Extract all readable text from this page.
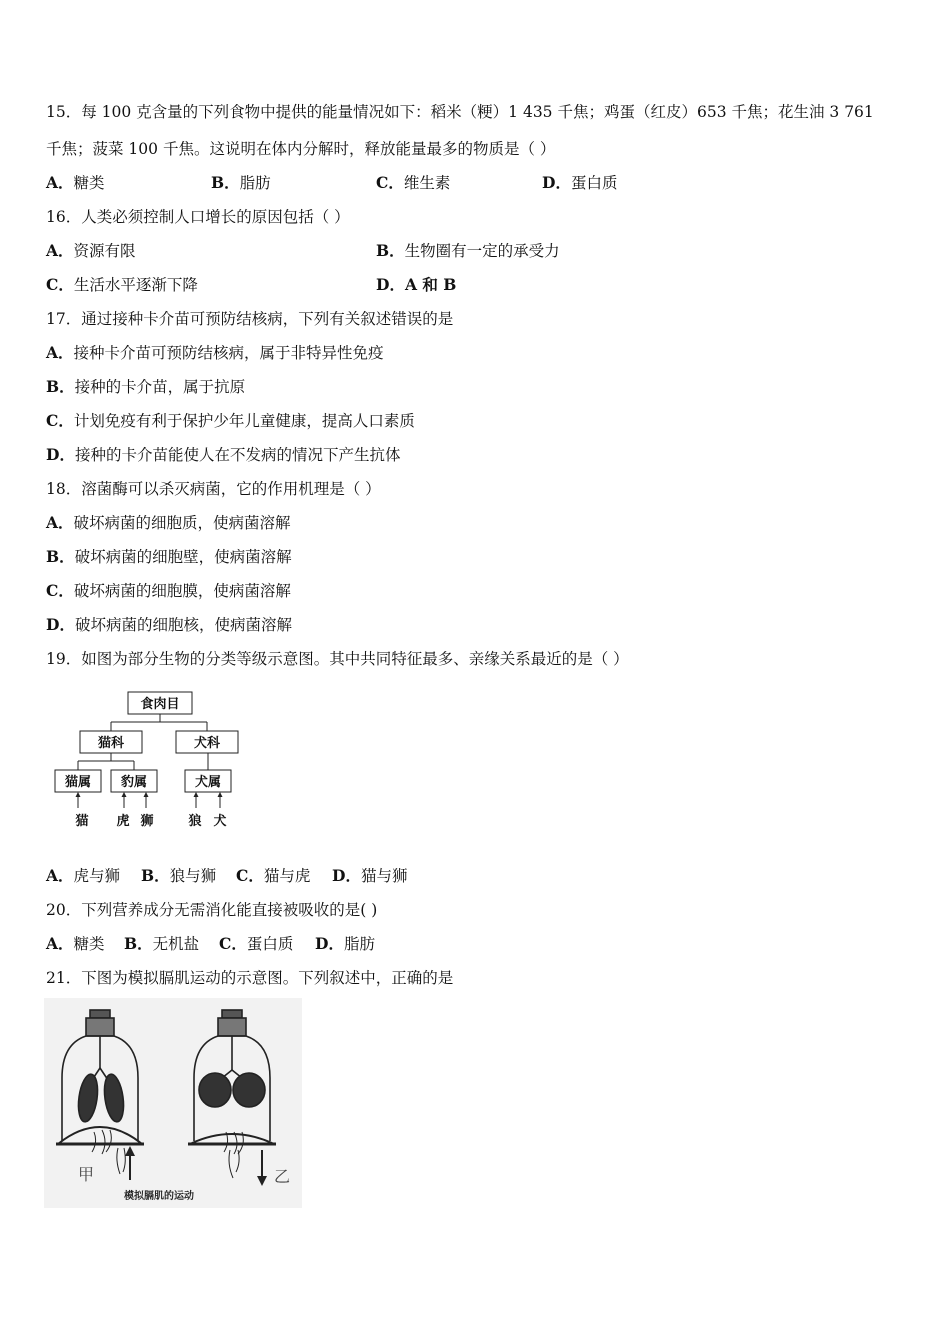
15．每 100 克含量的下列食物中提供的能量情况如下：稻米（粳）1 435 千焦；鸡蛋（红皮）653 千焦；花生油 3 761
千焦；菠菜 100 千焦。这说明在体内分解时，释放能量最多的物质是（ ）
A．糖类	B．脂肪	C．维生素	D．蛋白质
16．人类必须控制人口增长的原因包括（ ）
A．资源有限	B．生物圈有一定的承受力
C．生活水平逐渐下降	D．A 和 B
17．通过接种卡介苗可预防结核病，下列有关叙述错误的是
A．接种卡介苗可预防结核病，属于非特异性免疫
B．接种的卡介苗，属于抗原
C．计划免疫有利于保护少年儿童健康，提高人口素质
D．接种的卡介苗能使人在不发病的情况下产生抗体
18．溶菌酶可以杀灭病菌，它的作用机理是（ ）
A．破坏病菌的细胞质，使病菌溶解
B．破坏病菌的细胞壁，使病菌溶解
C．破坏病菌的细胞膜，使病菌溶解
D．破坏病菌的细胞核，使病菌溶解
19．如图为部分生物的分类等级示意图。其中共同特征最多、亲缘关系最近的是（ ）
食肉目
猫科	犬科
猫属 豹属	犬属
猫 虎 狮	狼 犬
A．虎与狮 B．狼与狮 C．猫与虎 D．猫与狮
20．下列营养成分无需消化能直接被吸收的是( )
A．糖类 B．无机盐 C．蛋白质 D．脂肪
21．下图为模拟膈肌运动的示意图。下列叙述中，正确的是
甲	乙
模拟膈肌的运动
